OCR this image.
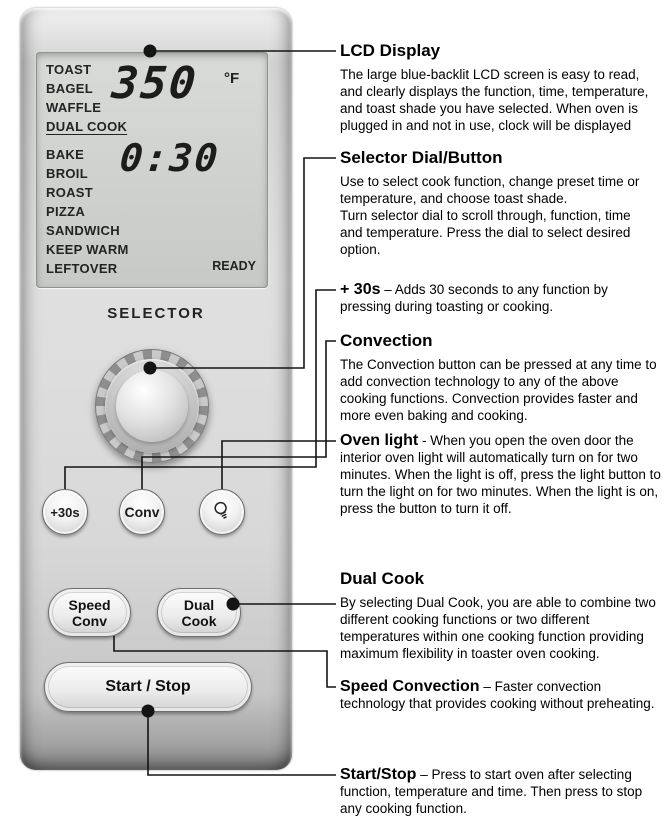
TOAST
BAGEL
WAFFLE
DUAL COOK
BAKE
BROIL
ROAST
PIZZA
SANDWICH
KEEP WARM
LEFTOVER
350 °F
0:30
READY
SELECTOR
+30s	Conv
Speed
Conv
Dual
Cook
Start / Stop
LCD Display

The large blue-backlit LCD screen is easy to read, and clearly displays the function, time, temperature, and toast shade you have selected. When oven is plugged in and not in use, clock will be displayed

Selector Dial/Button

Use to select cook function, change preset time or temperature, and choose toast shade.

Turn selector dial to scroll through, function, time and temperature. Press the dial to select desired option.

+ 30s – Adds 30 seconds to any function by pressing during toasting or cooking.

Convection

The Convection button can be pressed at any time to add convection technology to any of the above cooking functions. Convection provides faster and more even baking and cooking.

Oven light - When you open the oven door the interior oven light will automatically turn on for two minutes. When the light is off, press the light button to turn the light on for two minutes. When the light is on, press the button to turn it off.

Dual Cook

By selecting Dual Cook, you are able to combine two different cooking functions or two different temperatures within one cooking function providing maximum flexibility in toaster oven cooking.

Speed Convection – Faster convection technology that provides cooking without preheating.

Start/Stop – Press to start oven after selecting function, temperature and time. Then press to stop any cooking function.
